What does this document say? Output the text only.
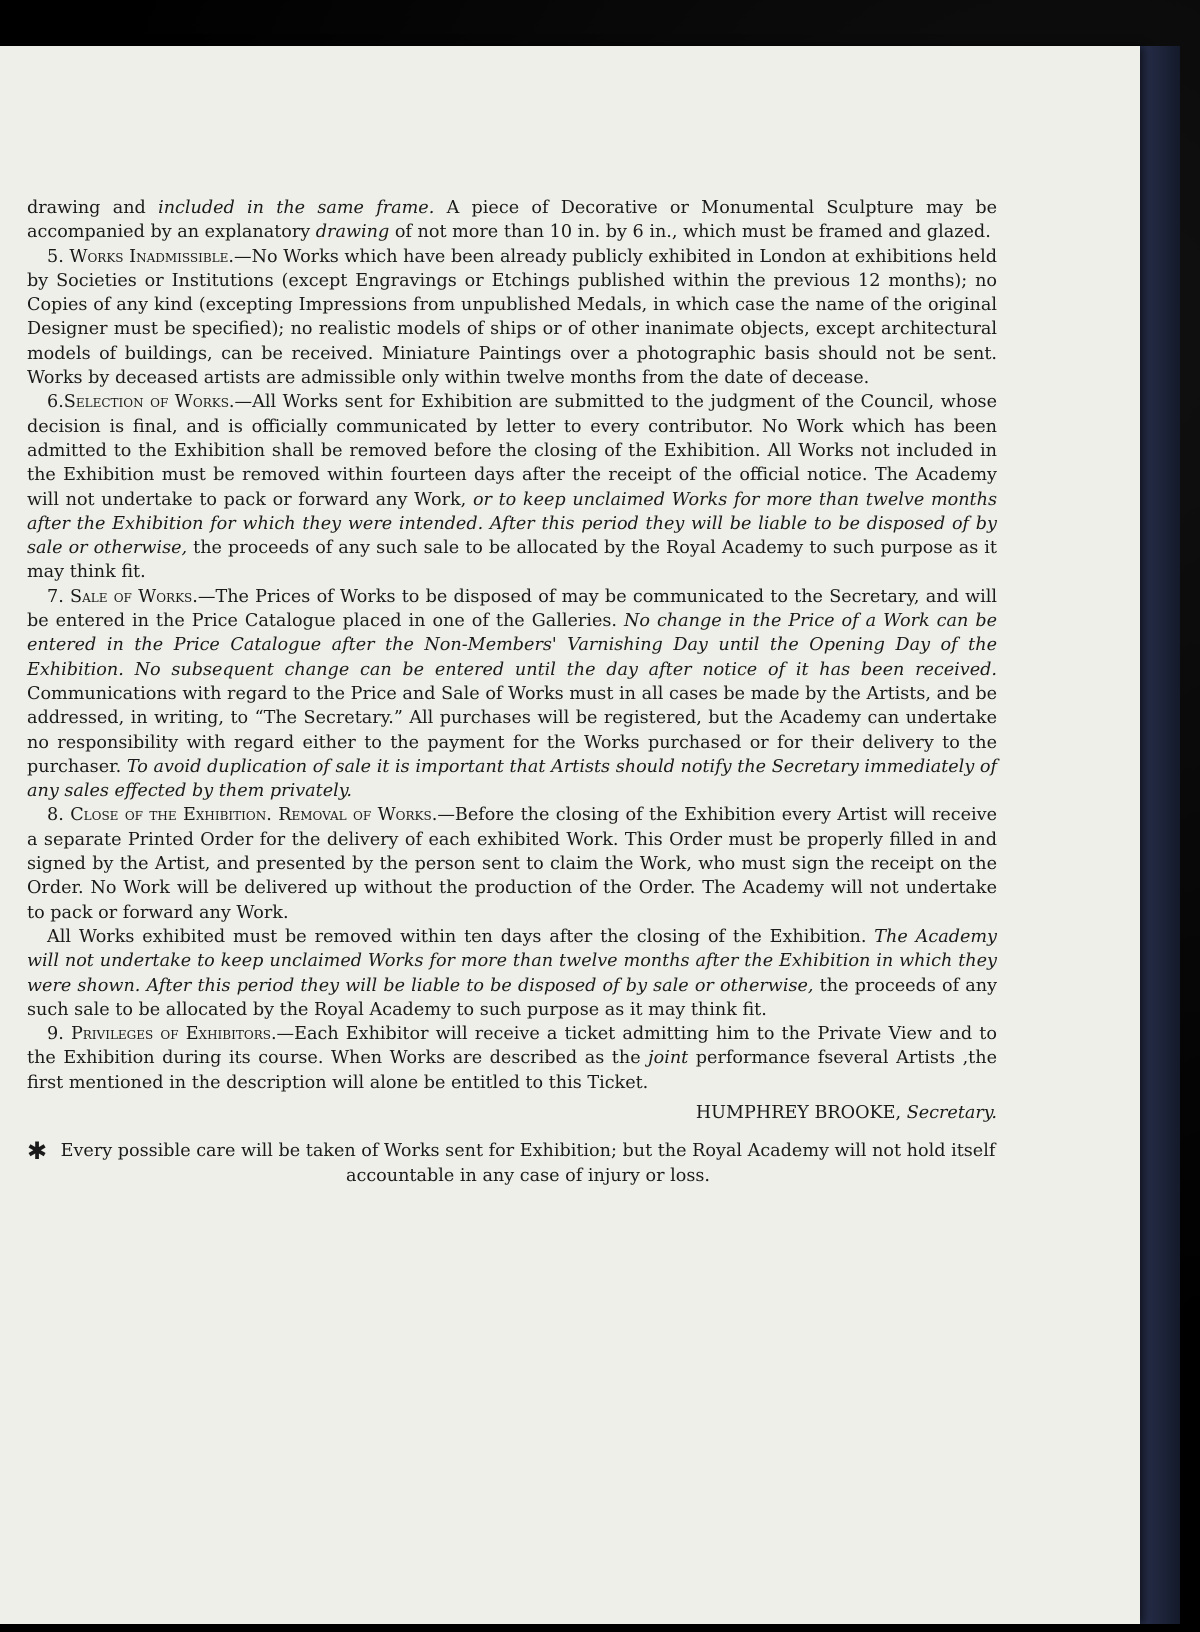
drawing and included in the same frame. A piece of Decorative or Monumental Sculpture may be accompanied by an explanatory drawing of not more than 10 in. by 6 in., which must be framed and glazed.

5. Works Inadmissible.—No Works which have been already publicly exhibited in London at exhibitions held by Societies or Institutions (except Engravings or Etchings published within the previous 12 months); no Copies of any kind (excepting Impressions from unpublished Medals, in which case the name of the original Designer must be specified); no realistic models of ships or of other inanimate objects, except architectural models of buildings, can be received. Miniature Paintings over a photographic basis should not be sent. Works by deceased artists are admissible only within twelve months from the date of decease.

6.Selection of Works.—All Works sent for Exhibition are submitted to the judgment of the Council, whose decision is final, and is officially communicated by letter to every contributor. No Work which has been admitted to the Exhibition shall be removed before the closing of the Exhibition. All Works not included in the Exhibition must be removed within fourteen days after the receipt of the official notice. The Academy will not undertake to pack or forward any Work, or to keep unclaimed Works for more than twelve months after the Exhibition for which they were intended. After this period they will be liable to be disposed of by sale or otherwise, the proceeds of any such sale to be allocated by the Royal Academy to such purpose as it may think fit.

7. Sale of Works.—The Prices of Works to be disposed of may be communicated to the Secretary, and will be entered in the Price Catalogue placed in one of the Galleries. No change in the Price of a Work can be entered in the Price Catalogue after the Non-Members' Varnishing Day until the Opening Day of the Exhibition. No subsequent change can be entered until the day after notice of it has been received. Communications with regard to the Price and Sale of Works must in all cases be made by the Artists, and be addressed, in writing, to “The Secretary.” All purchases will be registered, but the Academy can undertake no responsibility with regard either to the payment for the Works purchased or for their delivery to the purchaser. To avoid duplication of sale it is important that Artists should notify the Secretary immediately of any sales effected by them privately.

8. Close of the Exhibition. Removal of Works.—Before the closing of the Exhibition every Artist will receive a separate Printed Order for the delivery of each exhibited Work. This Order must be properly filled in and signed by the Artist, and presented by the person sent to claim the Work, who must sign the receipt on the Order. No Work will be delivered up without the production of the Order. The Academy will not undertake to pack or forward any Work.

All Works exhibited must be removed within ten days after the closing of the Exhibition. The Academy will not undertake to keep unclaimed Works for more than twelve months after the Exhibition in which they were shown. After this period they will be liable to be disposed of by sale or otherwise, the proceeds of any such sale to be allocated by the Royal Academy to such purpose as it may think fit.

9. Privileges of Exhibitors.—Each Exhibitor will receive a ticket admitting him to the Private View and to the Exhibition during its course. When Works are described as the joint performance fseveral Artists ,the first mentioned in the description will alone be entitled to this Ticket.

HUMPHREY BROOKE, Secretary.

✱ Every possible care will be taken of Works sent for Exhibition; but the Royal Academy will not hold itself accountable in any case of injury or loss.
